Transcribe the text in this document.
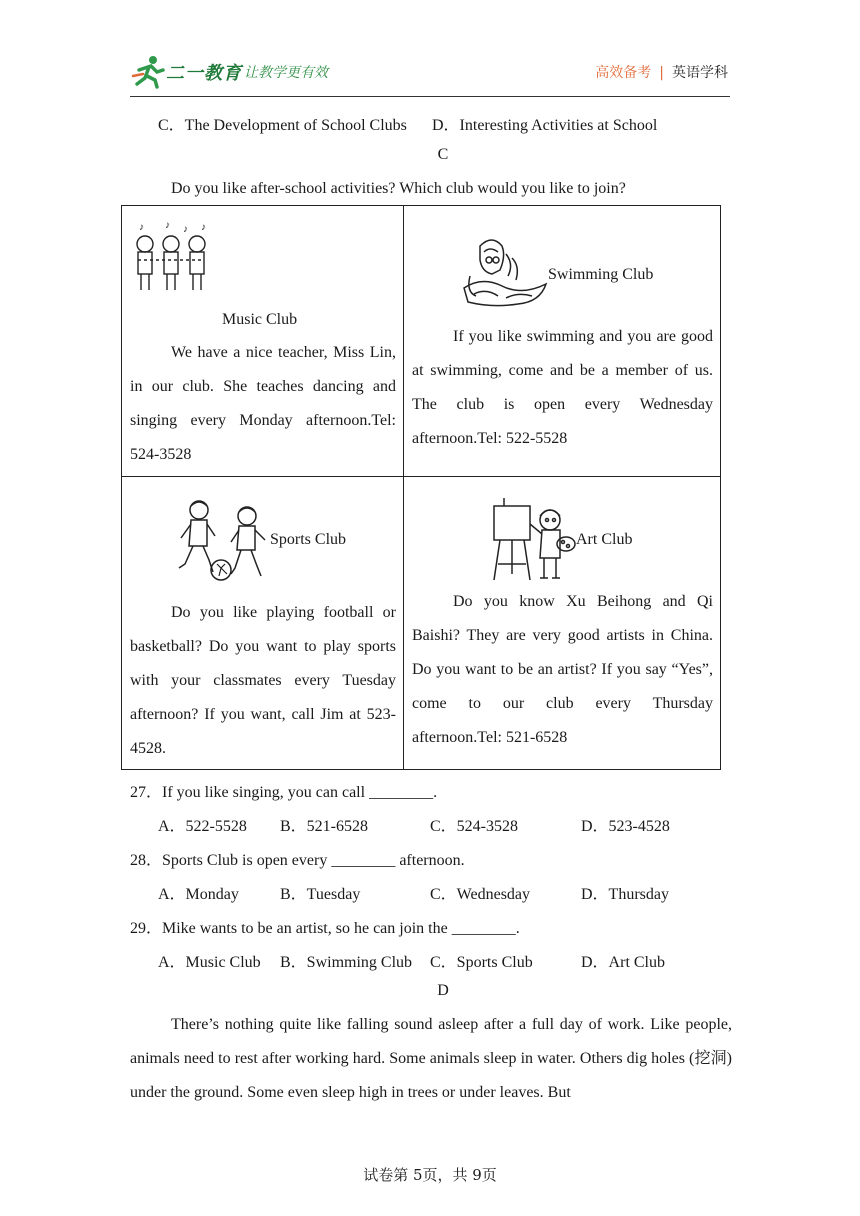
二一教育 让教学更有效	高效备考 | 英语学科
C．The Development of School Clubs D．Interesting Activities at School
C
Do you like after-school activities? Which club would you like to join?
♪ ♪ ♪ ♪
Music Club
We have a nice teacher, Miss Lin, in our club. She teaches dancing and singing every Monday afternoon.Tel: 524-3528
Swimming Club
If you like swimming and you are good at swimming, come and be a member of us. The club is open every Wednesday afternoon.Tel: 522-5528
Sports Club
Do you like playing football or basketball? Do you want to play sports with your classmates every Tuesday afternoon? If you want, call Jim at 523-4528.
Art Club
Do you know Xu Beihong and Qi Baishi? They are very good artists in China. Do you want to be an artist? If you say “Yes”, come to our club every Thursday afternoon.Tel: 521-6528
27．If you like singing, you can call ________.
A．522-5528 B．521-6528	C．524-3528	D．523-4528
28．Sports Club is open every ________ afternoon.
A．Monday	B．Tuesday	C．Wednesday	D．Thursday
29．Mike wants to be an artist, so he can join the ________.
A．Music Club B．Swimming Club C．Sports Club	D．Art Club
D
There’s nothing quite like falling sound asleep after a full day of work. Like people, animals need to rest after working hard. Some animals sleep in water. Others dig holes (挖洞) under the ground. Some even sleep high in trees or under leaves. But
试卷第 5页，共 9页
